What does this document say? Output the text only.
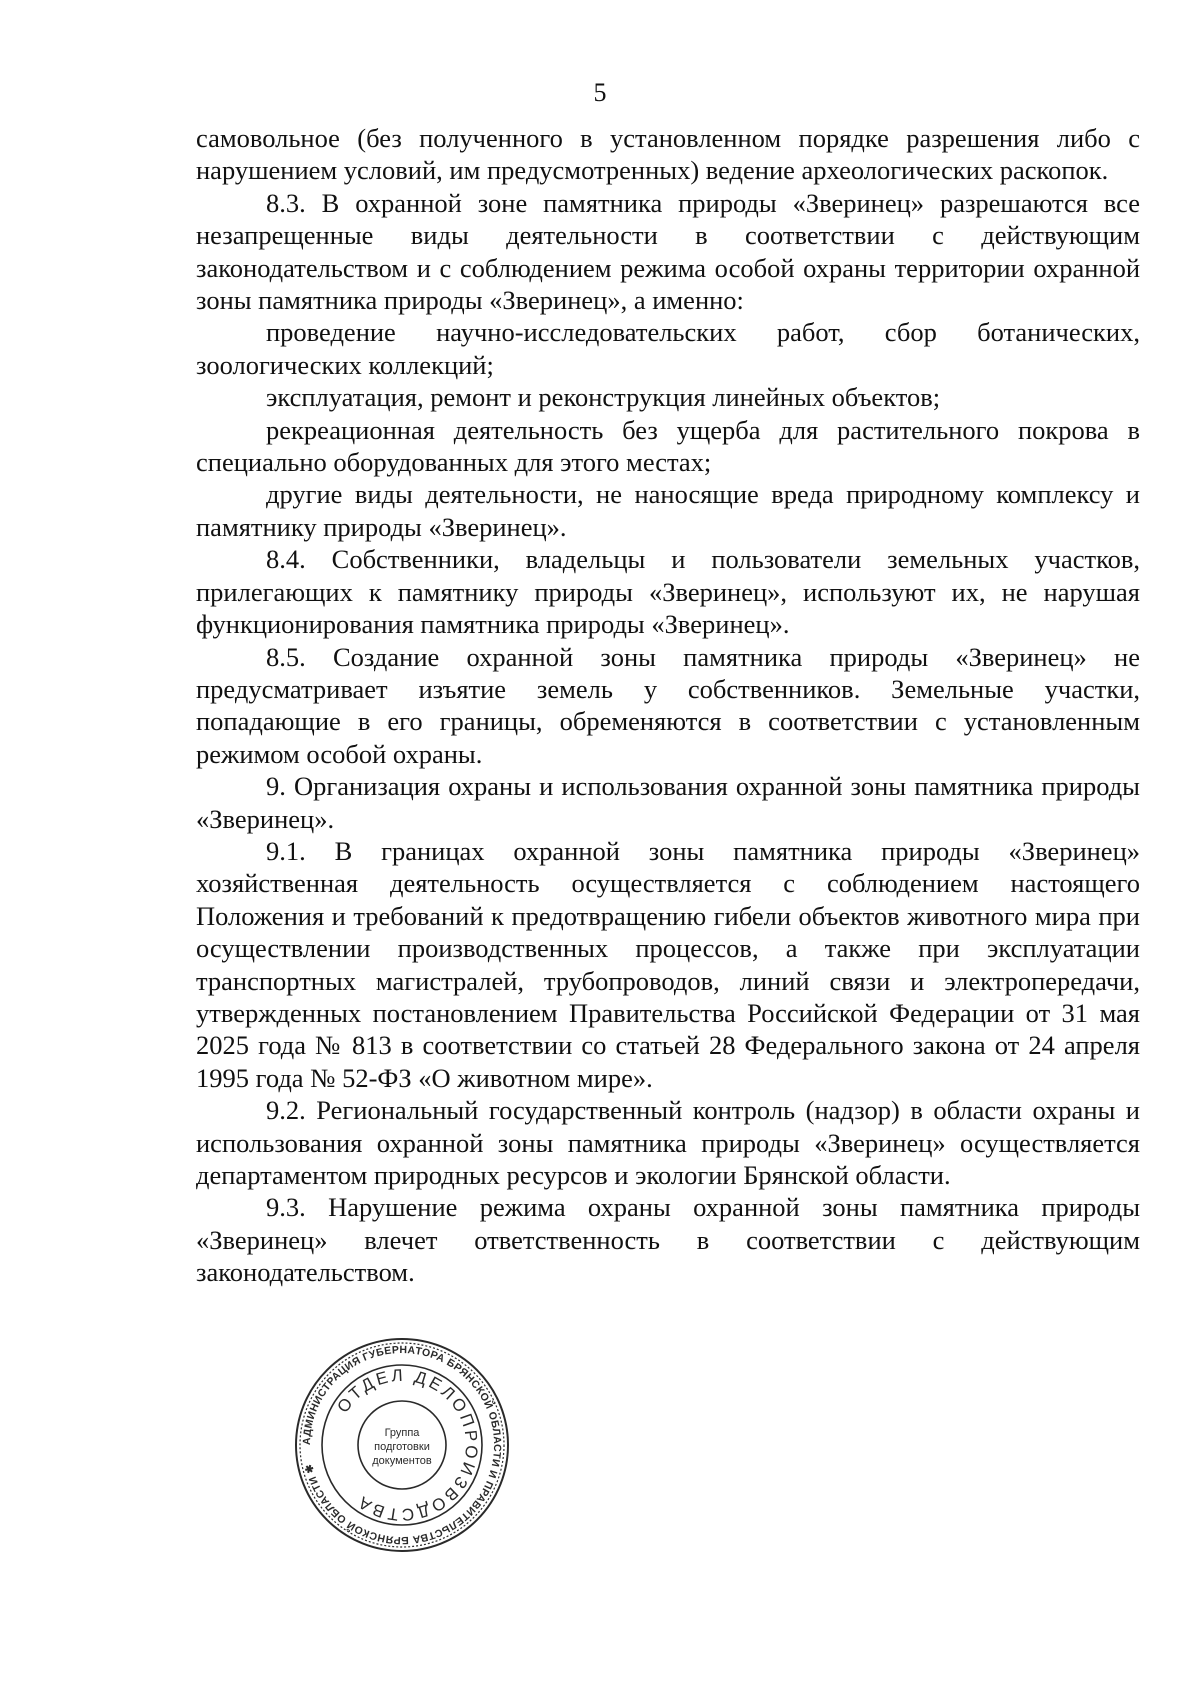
5

самовольное (без полученного в установленном порядке разрешения либо с нарушением условий, им предусмотренных) ведение археологических раскопок.

8.3. В охранной зоне памятника природы «Зверинец» разрешаются все незапрещенные виды деятельности в соответствии с действующим законодательством и с соблюдением режима особой охраны территории охранной зоны памятника природы «Зверинец», а именно:

проведение научно-исследовательских работ, сбор ботанических, зоологических коллекций;

эксплуатация, ремонт и реконструкция линейных объектов;

рекреационная деятельность без ущерба для растительного покрова в специально оборудованных для этого местах;

другие виды деятельности, не наносящие вреда природному комплексу и памятнику природы «Зверинец».

8.4. Собственники, владельцы и пользователи земельных участков, прилегающих к памятнику природы «Зверинец», используют их, не нарушая функционирования памятника природы «Зверинец».

8.5. Создание охранной зоны памятника природы «Зверинец» не предусматривает изъятие земель у собственников. Земельные участки, попадающие в его границы, обременяются в соответствии с установленным режимом особой охраны.

9. Организация охраны и использования охранной зоны памятника природы «Зверинец».

9.1. В границах охранной зоны памятника природы «Зверинец» хозяйственная деятельность осуществляется с соблюдением настоящего Положения и требований к предотвращению гибели объектов животного мира при осуществлении производственных процессов, а также при эксплуатации транспортных магистралей, трубопроводов, линий связи и электропередачи, утвержденных постановлением Правительства Российской Федерации от 31 мая 2025 года № 813 в соответствии со статьей 28 Федерального закона от 24 апреля 1995 года № 52-ФЗ «О животном мире».

9.2. Региональный государственный контроль (надзор) в области охраны и использования охранной зоны памятника природы «Зверинец» осуществляется департаментом природных ресурсов и экологии Брянской области.

9.3. Нарушение режима охраны охранной зоны памятника природы «Зверинец» влечет ответственность в соответствии с действующим законодательством.

АДМИНИСТРАЦИЯ ГУБЕРНАТОРА БРЯНСКОЙ ОБЛАСТИ И ПРАВИТЕЛЬСТВА БРЯНСКОЙ ОБЛАСТИ ✱
ОТДЕЛ ДЕЛОПРОИЗВОДСТВА
Группа
подготовки
документов
